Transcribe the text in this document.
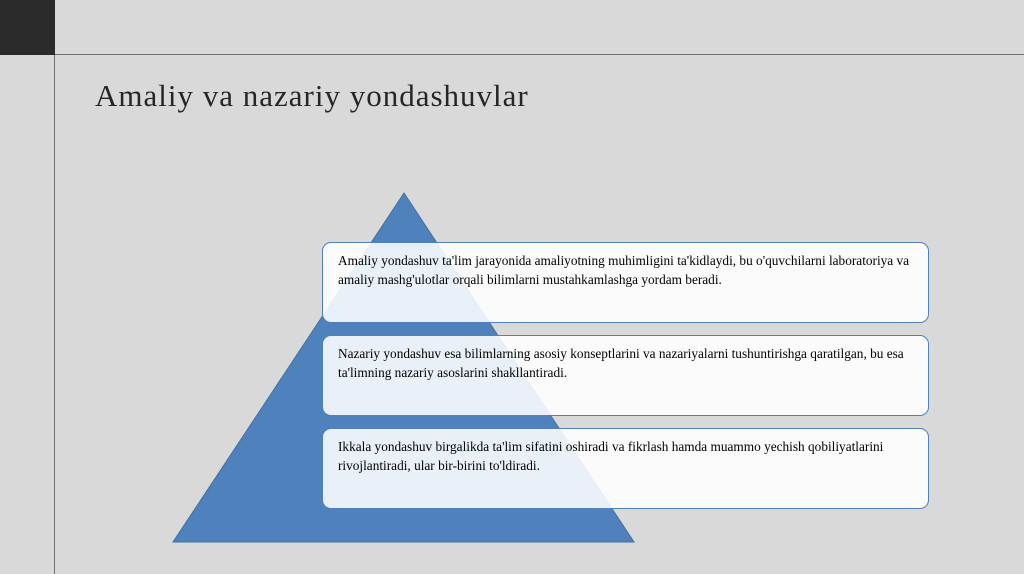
Amaliy va nazariy yondashuvlar
Amaliy yondashuv ta'lim jarayonida amaliyotning muhimligini ta'kidlaydi, bu o'quvchilarni laboratoriya va amaliy mashg'ulotlar orqali bilimlarni mustahkamlashga yordam beradi.
Nazariy yondashuv esa bilimlarning asosiy konseptlarini va nazariyalarni tushuntirishga qaratilgan, bu esa ta'limning nazariy asoslarini shakllantiradi.
Ikkala yondashuv birgalikda ta'lim sifatini oshiradi va fikrlash hamda muammo yechish qobiliyatlarini rivojlantiradi, ular bir-birini to'ldiradi.
